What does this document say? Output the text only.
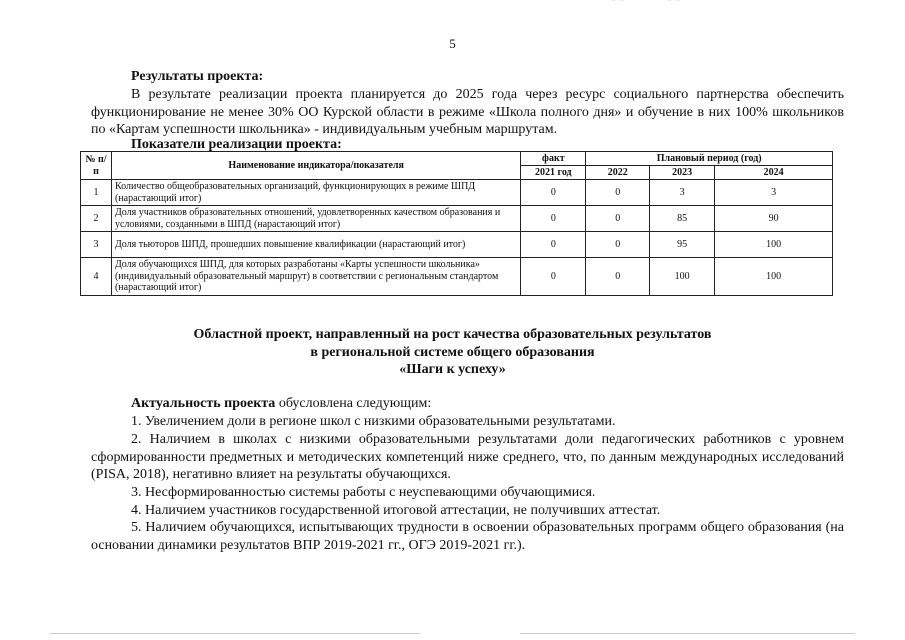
‾ ‾	‾ ‾
5
Результаты проекта:

В результате реализации проекта планируется до 2025 года через ресурс социального партнерства обеспечить функционирование не менее 30% ОО Курской области в режиме «Школа полного дня» и обучение в них 100% школьников по «Картам успешности школьника» - индивидуальным учебным маршрутам.

Показатели реализации проекта:
№ п/п	Наименование индикатора/показателя	факт	Плановый период (год)		
		2021 год	2022	2023	2024
1	Количество общеобразовательных организаций, функционирующих в режиме ШПД (нарастающий итог)	0	0	3	3
2	Доля участников образовательных отношений, удовлетворенных качеством образования и условиями, созданными в ШПД (нарастающий итог)	0	0	85	90
3	Доля тьюторов ШПД, прошедших повышение квалификации (нарастающий итог)	0	0	95	100
4	Доля обучающихся ШПД, для которых разработаны «Карты успешности школьника» (индивидуальный образовательный маршрут) в соответствии с региональным стандартом (нарастающий итог)	0	0	100	100
Областной проект, направленный на рост качества образовательных результатов
в региональной системе общего образования
«Шаги к успеху»

Актуальность проекта обусловлена следующим:

1. Увеличением доли в регионе школ с низкими образовательными результатами.

2. Наличием в школах с низкими образовательными результатами доли педагогических работников с уровнем сформированности предметных и методических компетенций ниже среднего, что, по данным международных исследований (PISA, 2018), негативно влияет на результаты обучающихся.

3. Несформированностью системы работы с неуспевающими обучающимися.

4. Наличием участников государственной итоговой аттестации, не получивших аттестат.

5. Наличием обучающихся, испытывающих трудности в освоении образовательных программ общего образования (на основании динамики результатов ВПР 2019-2021 гг., ОГЭ 2019-2021 гг.).
